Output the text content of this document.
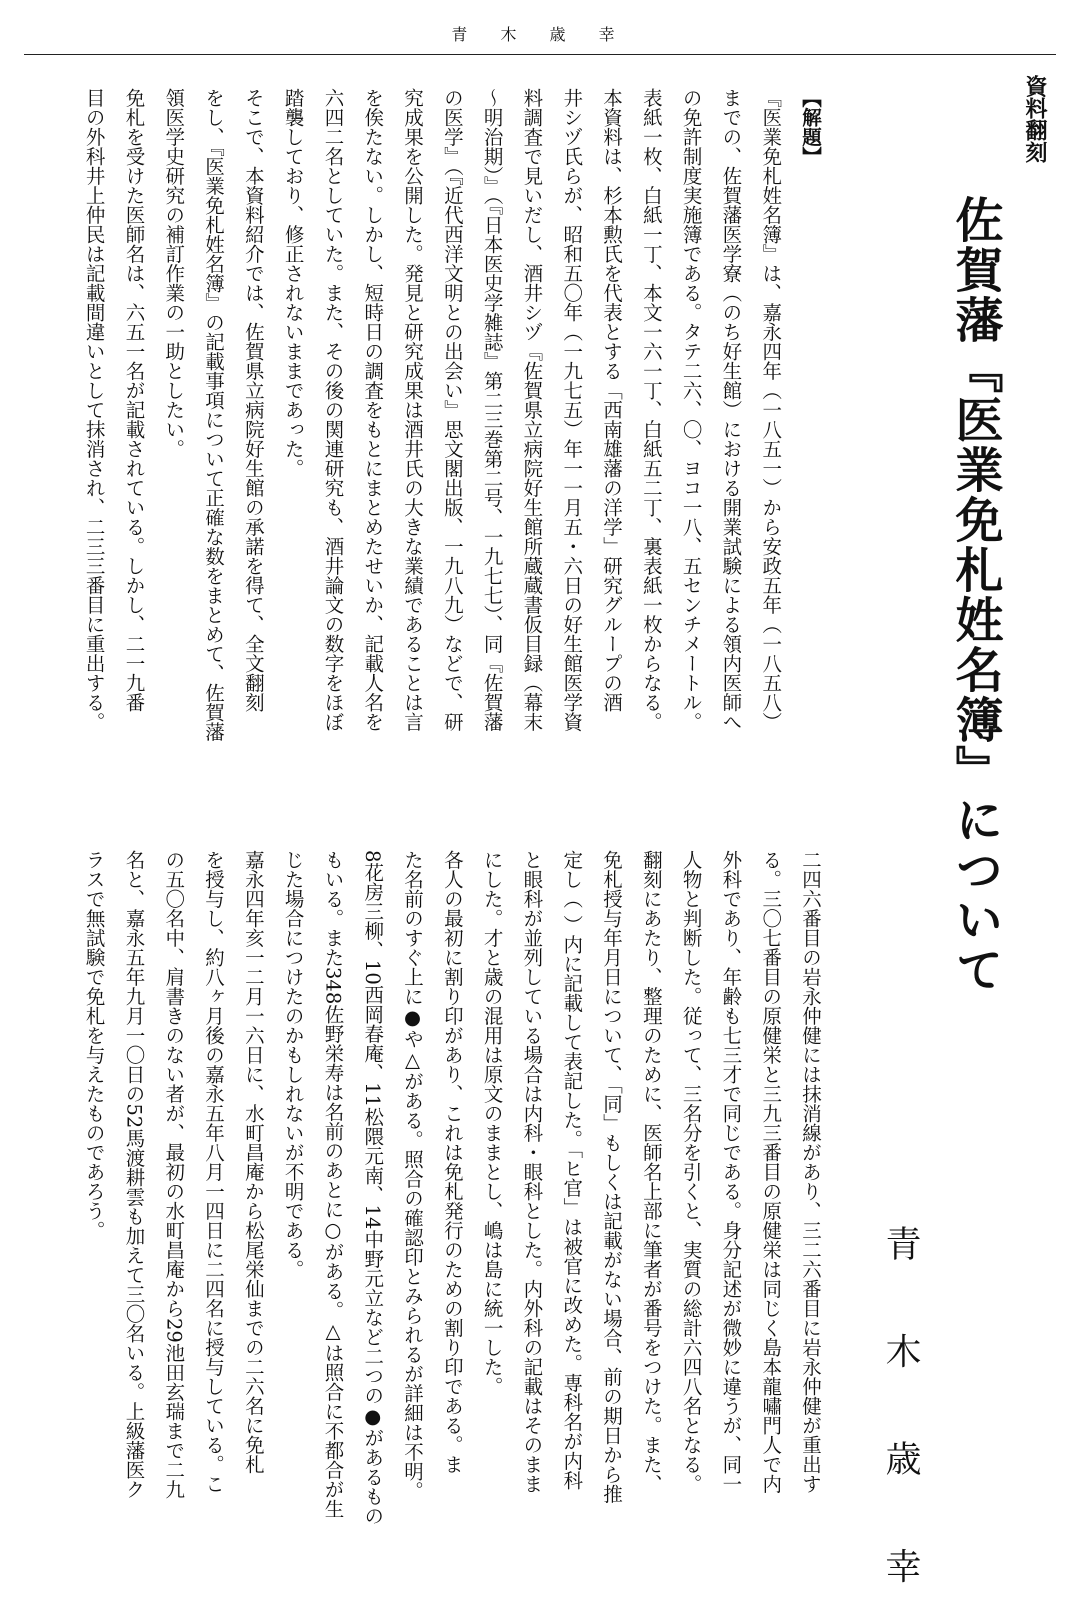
青 木 歳 幸
資料翻刻
佐賀藩『医業免札姓名簿』について
青 木 歳 幸

【解題】

『医業免札姓名簿』は、嘉永四年（一八五一）から安政五年（一八五八）

までの、佐賀藩医学寮（のち好生館）における開業試験による領内医師へ

の免許制度実施簿である。タテ二六、〇、ヨコ一八、五センチメートル。

表紙一枚、白紙一丁、本文一六一丁、白紙五二丁、裏表紙一枚からなる。

本資料は、杉本勲氏を代表とする「西南雄藩の洋学」研究グループの酒

井シヅ氏らが、昭和五〇年（一九七五）年一一月五・六日の好生館医学資

料調査で見いだし、酒井シヅ『佐賀県立病院好生館所蔵蔵書仮目録（幕末

〜明治期）』（『日本医史学雑誌』第二三巻第二号、一九七七）、同『佐賀藩

の医学』（『近代西洋文明との出会い』思文閣出版、一九八九）などで、研

究成果を公開した。発見と研究成果は酒井氏の大きな業績であることは言

を俟たない。しかし、短時日の調査をもとにまとめたせいか、記載人名を

六四二名としていた。また、その後の関連研究も、酒井論文の数字をほぼ

踏襲しており、修正されないままであった。

そこで、本資料紹介では、佐賀県立病院好生館の承諾を得て、全文翻刻

をし、『医業免札姓名簿』の記載事項について正確な数をまとめて、佐賀藩

領医学史研究の補訂作業の一助としたい。

免札を受けた医師名は、六五一名が記載されている。しかし、二一九番

目の外科井上仲民は記載間違いとして抹消され、二三三番目に重出する。

二四六番目の岩永仲健には抹消線があり、三二六番目に岩永仲健が重出す

る。三〇七番目の原健栄と三九三番目の原健栄は同じく島本龍嘯門人で内

外科であり、年齢も七三才で同じである。身分記述が微妙に違うが、同一

人物と判断した。従って、三名分を引くと、実質の総計六四八名となる。

翻刻にあたり、整理のために、医師名上部に筆者が番号をつけた。また、

免札授与年月日について、「同」もしくは記載がない場合、前の期日から推

定し（ ）内に記載して表記した。「ヒ官」は被官に改めた。専科名が内科

と眼科が並列している場合は内科・眼科とした。内外科の記載はそのまま

にした。才と歳の混用は原文のままとし、嶋は島に統一した。

各人の最初に割り印があり、これは免札発行のための割り印である。ま

た名前のすぐ上に●や△がある。照合の確認印とみられるが詳細は不明。

8花房三柳、10西岡春庵、11松隈元南、14中野元立など二つの●があるもの

もいる。また348佐野栄寿は名前のあとに○がある。△は照合に不都合が生

じた場合につけたのかもしれないが不明である。

嘉永四年亥一二月一六日に、水町昌庵から松尾栄仙までの二六名に免札

を授与し、約八ヶ月後の嘉永五年八月一四日に二四名に授与している。こ

の五〇名中、肩書きのない者が、最初の水町昌庵から29池田玄瑞まで二九

名と、嘉永五年九月一〇日の52馬渡耕雲も加えて三〇名いる。上級藩医ク

ラスで無試験で免札を与えたものであろう。
